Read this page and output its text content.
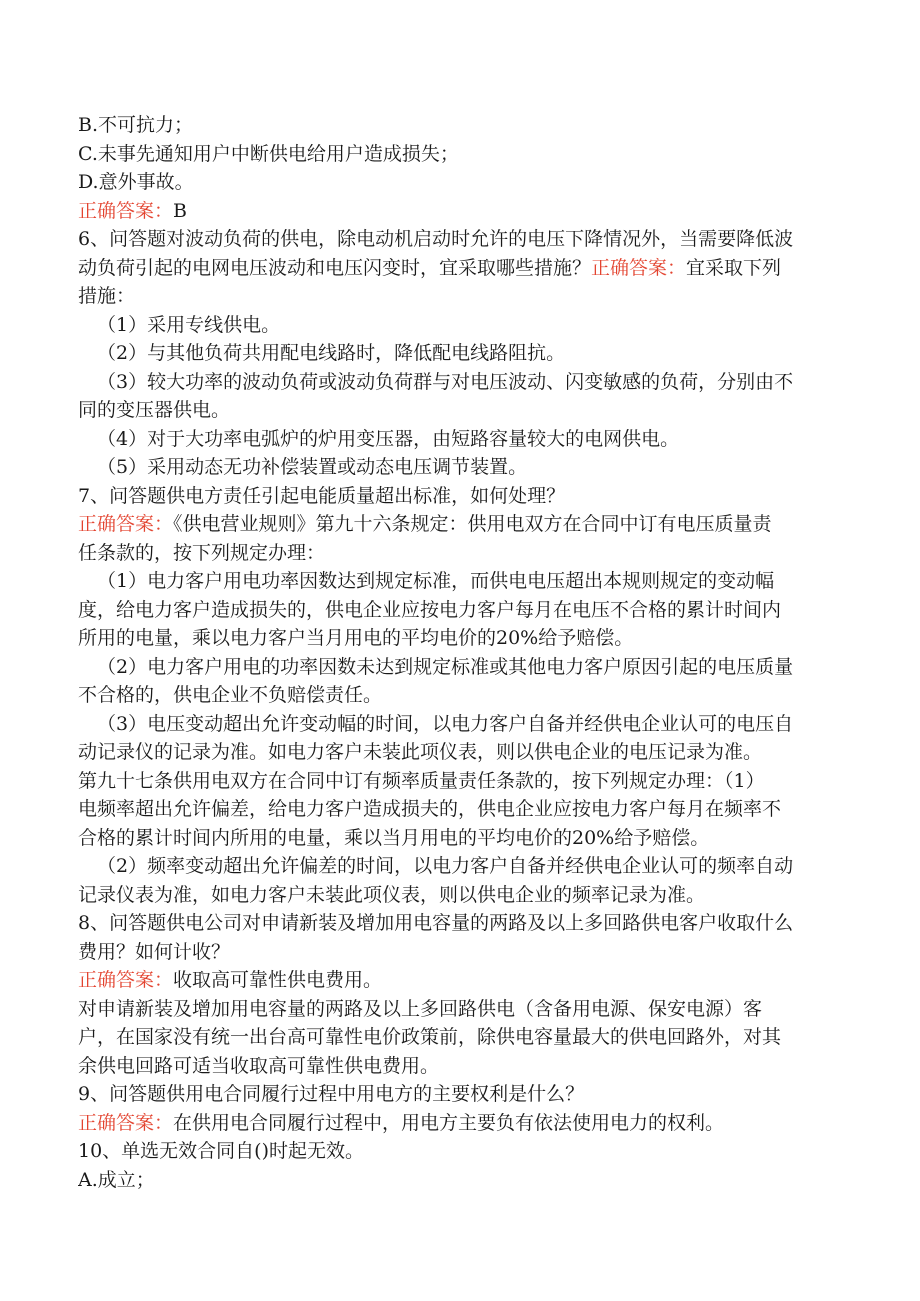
B.不可抗力；
C.未事先通知用户中断供电给用户造成损失；
D.意外事故。
正确答案：B
6、问答题对波动负荷的供电，除电动机启动时允许的电压下降情况外，当需要降低波
动负荷引起的电网电压波动和电压闪变时，宜采取哪些措施？正确答案：宜采取下列
措施：
（1）采用专线供电。
（2）与其他负荷共用配电线路时，降低配电线路阻抗。
（3）较大功率的波动负荷或波动负荷群与对电压波动、闪变敏感的负荷，分别由不
同的变压器供电。
（4）对于大功率电弧炉的炉用变压器，由短路容量较大的电网供电。
（5）采用动态无功补偿装置或动态电压调节装置。
7、问答题供电方责任引起电能质量超出标准，如何处理？
正确答案：《供电营业规则》第九十六条规定：供用电双方在合同中订有电压质量责
任条款的，按下列规定办理：
（1）电力客户用电功率因数达到规定标准，而供电电压超出本规则规定的变动幅
度，给电力客户造成损失的，供电企业应按电力客户每月在电压不合格的累计时间内
所用的电量，乘以电力客户当月用电的平均电价的20%给予赔偿。
（2）电力客户用电的功率因数未达到规定标准或其他电力客户原因引起的电压质量
不合格的，供电企业不负赔偿责任。
（3）电压变动超出允许变动幅的时间，以电力客户自备并经供电企业认可的电压自
动记录仪的记录为准。如电力客户未装此项仪表，则以供电企业的电压记录为准。
第九十七条供用电双方在合同中订有频率质量责任条款的，按下列规定办理：（1）
电频率超出允许偏差，给电力客户造成损夫的，供电企业应按电力客户每月在频率不
合格的累计时间内所用的电量，乘以当月用电的平均电价的20%给予赔偿。
（2）频率变动超出允许偏差的时间，以电力客户自备并经供电企业认可的频率自动
记录仪表为准，如电力客户未装此项仪表，则以供电企业的频率记录为准。
8、问答题供电公司对申请新装及增加用电容量的两路及以上多回路供电客户收取什么
费用？如何计收？
正确答案：收取高可靠性供电费用。
对申请新装及增加用电容量的两路及以上多回路供电（含备用电源、保安电源）客
户，在国家没有统一出台高可靠性电价政策前，除供电容量最大的供电回路外，对其
余供电回路可适当收取高可靠性供电费用。
9、问答题供用电合同履行过程中用电方的主要权利是什么？
正确答案：在供用电合同履行过程中，用电方主要负有依法使用电力的权利。
10、单选无效合同自()时起无效。
A.成立；
